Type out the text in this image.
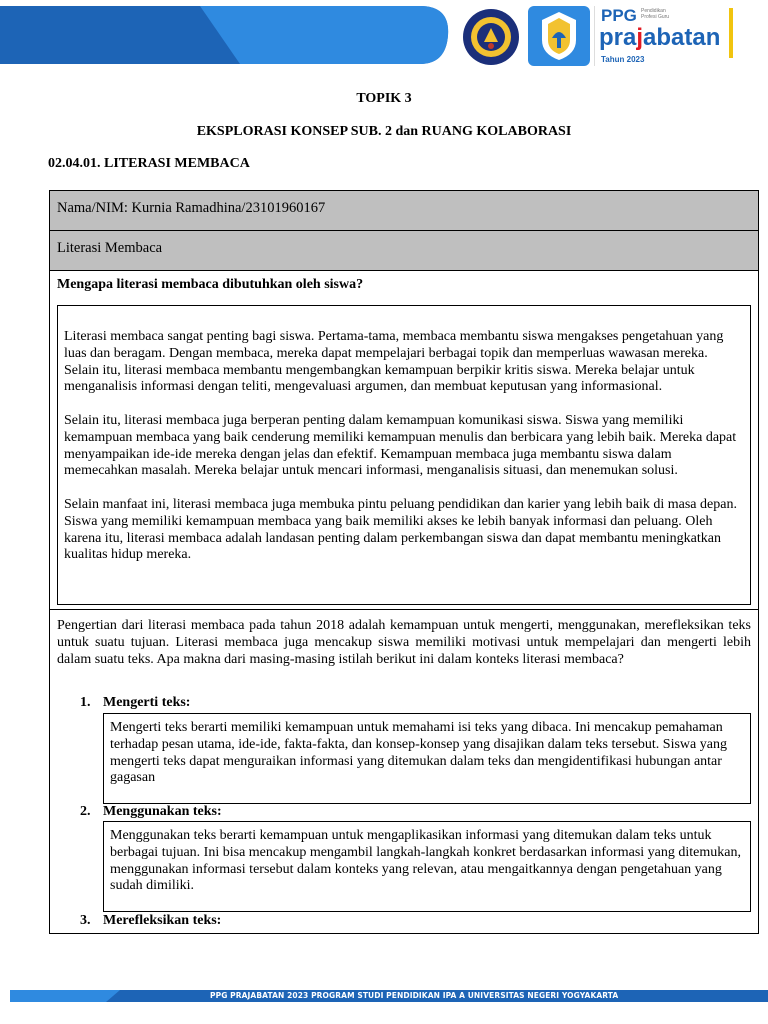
PPG Pendidikan Profesi Guru
prajabatan
Tahun 2023
TOPIK 3
EKSPLORASI KONSEP SUB. 2 dan RUANG KOLABORASI
02.04.01. LITERASI MEMBACA
Nama/NIM: Kurnia Ramadhina/23101960167
Literasi Membaca
Mengapa literasi membaca dibutuhkan oleh siswa?

Literasi membaca sangat penting bagi siswa. Pertama-tama, membaca membantu siswa mengakses pengetahuan yang luas dan beragam. Dengan membaca, mereka dapat mempelajari berbagai topik dan memperluas wawasan mereka. Selain itu, literasi membaca membantu mengembangkan kemampuan berpikir kritis siswa. Mereka belajar untuk menganalisis informasi dengan teliti, mengevaluasi argumen, dan membuat keputusan yang informasional.

Selain itu, literasi membaca juga berperan penting dalam kemampuan komunikasi siswa. Siswa yang memiliki kemampuan membaca yang baik cenderung memiliki kemampuan menulis dan berbicara yang lebih baik. Mereka dapat menyampaikan ide-ide mereka dengan jelas dan efektif. Kemampuan membaca juga membantu siswa dalam memecahkan masalah. Mereka belajar untuk mencari informasi, menganalisis situasi, dan menemukan solusi.

Selain manfaat ini, literasi membaca juga membuka pintu peluang pendidikan dan karier yang lebih baik di masa depan. Siswa yang memiliki kemampuan membaca yang baik memiliki akses ke lebih banyak informasi dan peluang. Oleh karena itu, literasi membaca adalah landasan penting dalam perkembangan siswa dan dapat membantu meningkatkan kualitas hidup mereka.

Pengertian dari literasi membaca pada tahun 2018 adalah kemampuan untuk mengerti, menggunakan, merefleksikan teks untuk suatu tujuan. Literasi membaca juga mencakup siswa memiliki motivasi untuk mempelajari dan mengerti lebih dalam suatu teks. Apa makna dari masing-masing istilah berikut ini dalam konteks literasi membaca?
1. Mengerti teks:

Mengerti teks berarti memiliki kemampuan untuk memahami isi teks yang dibaca. Ini mencakup pemahaman terhadap pesan utama, ide-ide, fakta-fakta, dan konsep-konsep yang disajikan dalam teks tersebut. Siswa yang mengerti teks dapat menguraikan informasi yang ditemukan dalam teks dan mengidentifikasi hubungan antar gagasan

2. Menggunakan teks:

Menggunakan teks berarti kemampuan untuk mengaplikasikan informasi yang ditemukan dalam teks untuk berbagai tujuan. Ini bisa mencakup mengambil langkah-langkah konkret berdasarkan informasi yang ditemukan, menggunakan informasi tersebut dalam konteks yang relevan, atau mengaitkannya dengan pengetahuan yang sudah dimiliki.

3. Merefleksikan teks:
PPG PRAJABATAN 2023 PROGRAM STUDI PENDIDIKAN IPA A UNIVERSITAS NEGERI YOGYAKARTA
